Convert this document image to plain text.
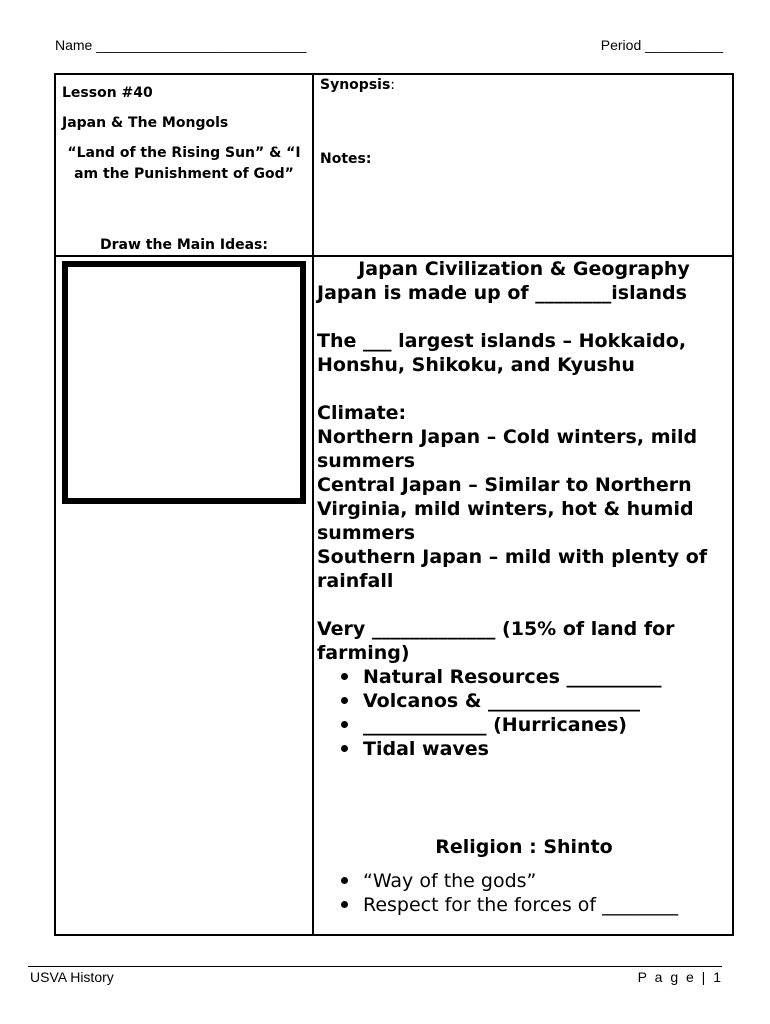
Name ___________________________	Period __________
Lesson #40
Japan & The Mongols
“Land of the Rising Sun” & “I am the Punishment of God”
Draw the Main Ideas:
Synopsis:
Notes:

Japan Civilization & Geography

Japan is made up of ________islands

The ___ largest islands – Hokkaido, Honshu, Shikoku, and Kyushu

Climate:

Northern Japan – Cold winters, mild summers

Central Japan – Similar to Northern Virginia, mild winters, hot & humid summers

Southern Japan – mild with plenty of rainfall

Very _____________ (15% of land for farming)

Natural Resources __________
Volcanos & ________________
_____________ (Hurricanes)
Tidal waves

Religion : Shinto

“Way of the gods”
Respect for the forces of ________
USVA History	P a g e | 1
